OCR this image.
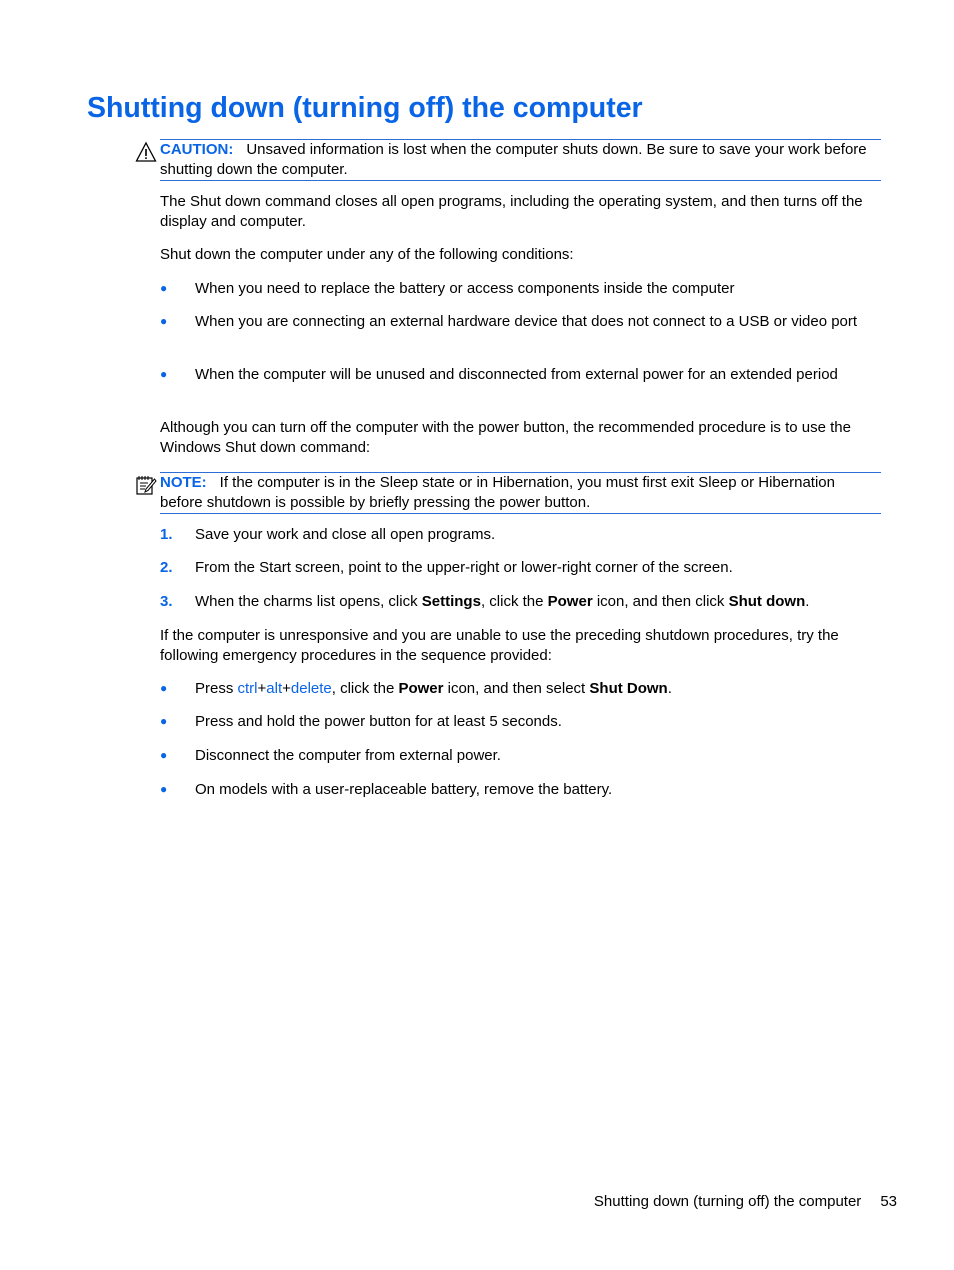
Shutting down (turning off) the computer
CAUTION: Unsaved information is lost when the computer shuts down. Be sure to save your work before shutting down the computer.

The Shut down command closes all open programs, including the operating system, and then turns off the display and computer.

Shut down the computer under any of the following conditions:

●	When you need to replace the battery or access components inside the computer
●	When you are connecting an external hardware device that does not connect to a USB or video port
●	When the computer will be unused and disconnected from external power for an extended period

Although you can turn off the computer with the power button, the recommended procedure is to use the Windows Shut down command:

NOTE: If the computer is in the Sleep state or in Hibernation, you must first exit Sleep or Hibernation before shutdown is possible by briefly pressing the power button.
1.	Save your work and close all open programs.
2.	From the Start screen, point to the upper-right or lower-right corner of the screen.
3.	When the charms list opens, click Settings, click the Power icon, and then click Shut down.

If the computer is unresponsive and you are unable to use the preceding shutdown procedures, try the following emergency procedures in the sequence provided:

●	Press ctrl+alt+delete, click the Power icon, and then select Shut Down.
●	Press and hold the power button for at least 5 seconds.
●	Disconnect the computer from external power.
●	On models with a user-replaceable battery, remove the battery.
Shutting down (turning off) the computer 53
